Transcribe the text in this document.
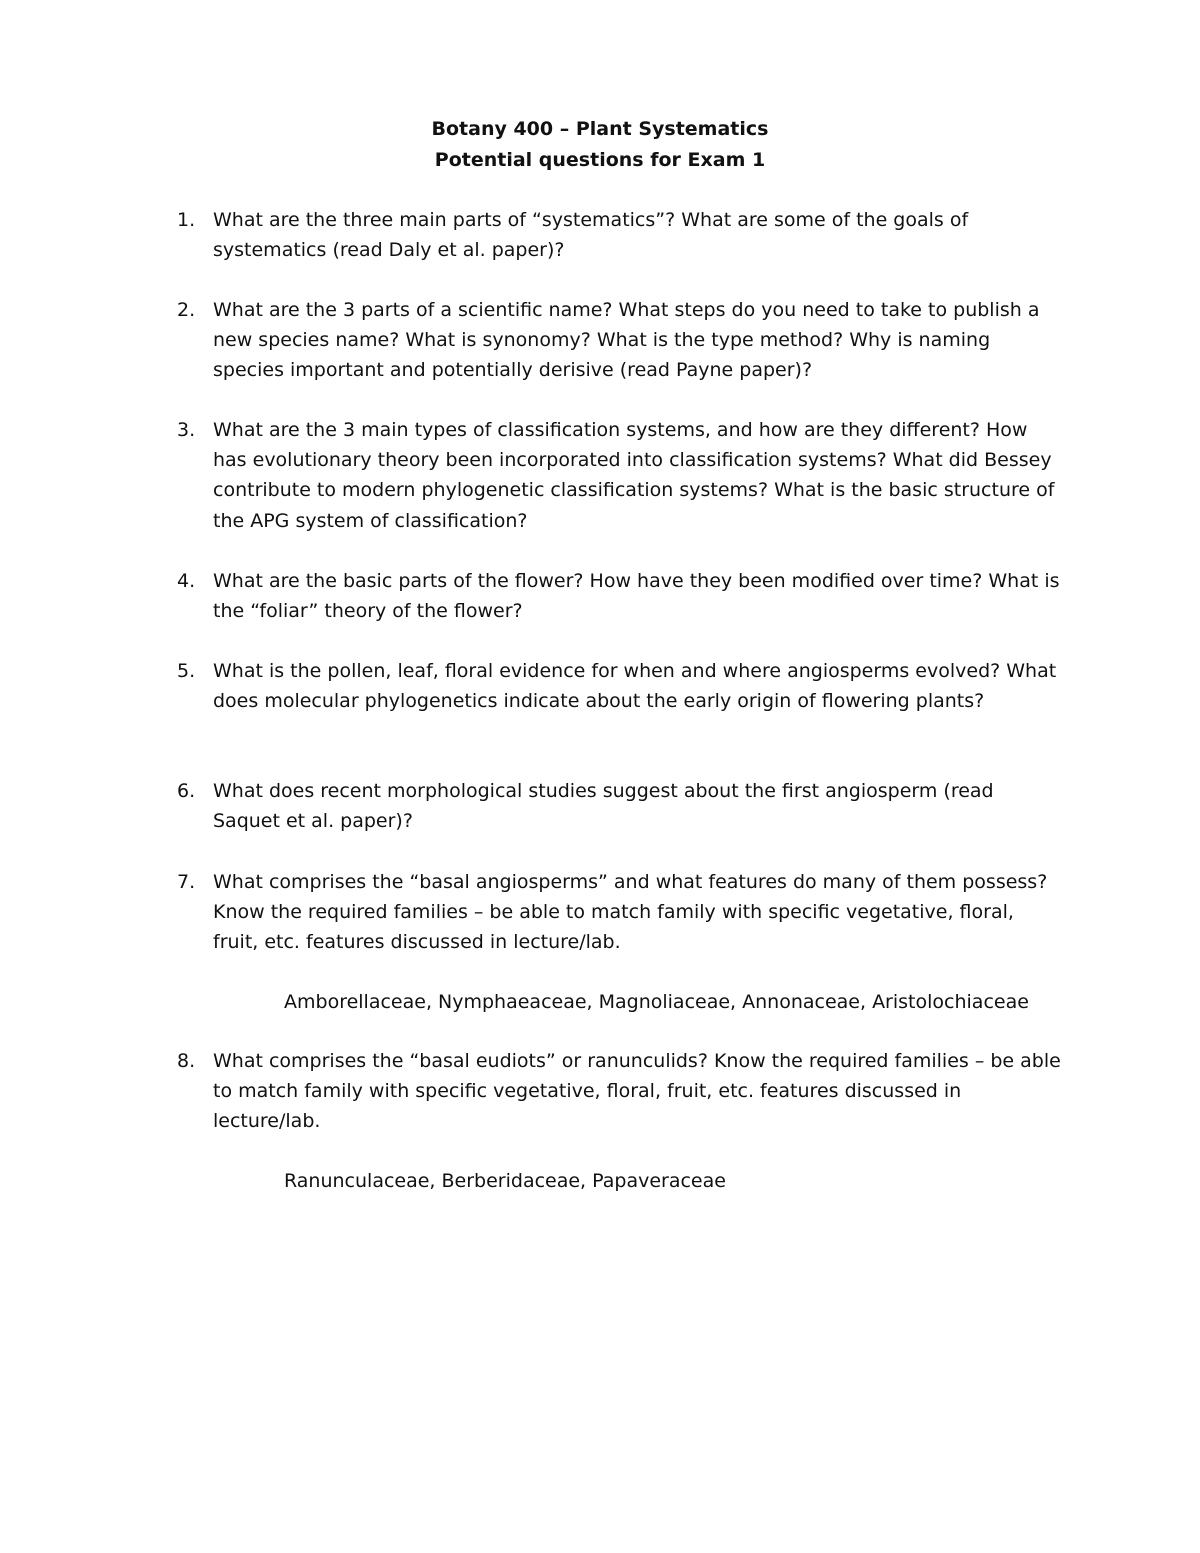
Botany 400 – Plant Systematics
Potential questions for Exam 1
1. What are the three main parts of “systematics”? What are some of the goals of systematics (read Daly et al. paper)?
2. What are the 3 parts of a scientific name? What steps do you need to take to publish a new species name? What is synonomy? What is the type method? Why is naming species important and potentially derisive (read Payne paper)?
3. What are the 3 main types of classification systems, and how are they different? How has evolutionary theory been incorporated into classification systems? What did Bessey contribute to modern phylogenetic classification systems? What is the basic structure of the APG system of classification?
4. What are the basic parts of the flower? How have they been modified over time? What is the “foliar” theory of the flower?
5. What is the pollen, leaf, floral evidence for when and where angiosperms evolved? What does molecular phylogenetics indicate about the early origin of flowering plants?
6. What does recent morphological studies suggest about the first angiosperm (read Saquet et al. paper)?
7. What comprises the “basal angiosperms” and what features do many of them possess? Know the required families – be able to match family with specific vegetative, floral, fruit, etc. features discussed in lecture/lab.
8. What comprises the “basal eudiots” or ranunculids? Know the required families – be able to match family with specific vegetative, floral, fruit, etc. features discussed in lecture/lab.
Amborellaceae, Nymphaeaceae, Magnoliaceae, Annonaceae, Aristolochiaceae
Ranunculaceae, Berberidaceae, Papaveraceae
